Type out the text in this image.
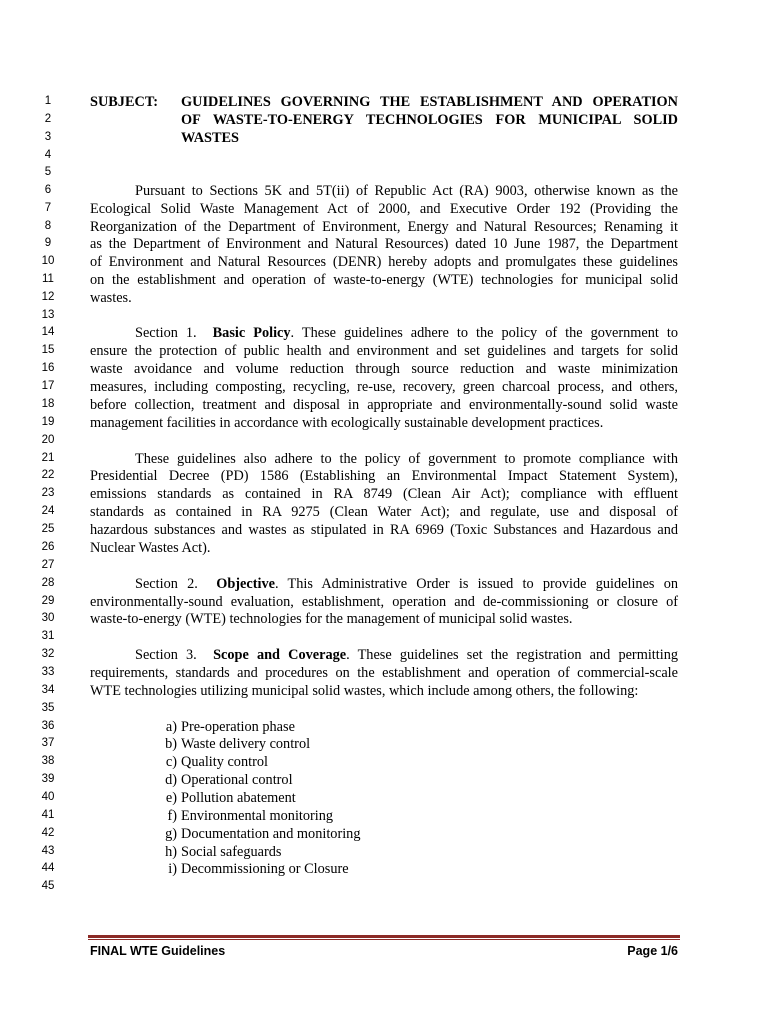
1
2
3
4
5
6
7
8
9
10
11
12
13
14
15
16
17
18
19
20
21
22
23
24
25
26
27
28
29
30
31
32
33
34
35
36
37
38
39
40
41
42
43
44
45
SUBJECT: GUIDELINES GOVERNING THE ESTABLISHMENT AND OPERATION
OF WASTE-TO-ENERGY TECHNOLOGIES FOR MUNICIPAL SOLID
WASTES
Pursuant to Sections 5K and 5T(ii) of Republic Act (RA) 9003, otherwise known as the
Ecological Solid Waste Management Act of 2000, and Executive Order 192 (Providing the
Reorganization of the Department of Environment, Energy and Natural Resources; Renaming it
as the Department of Environment and Natural Resources) dated 10 June 1987, the Department
of Environment and Natural Resources (DENR) hereby adopts and promulgates these guidelines
on the establishment and operation of waste-to-energy (WTE) technologies for municipal solid
wastes.
Section 1. Basic Policy. These guidelines adhere to the policy of the government to
ensure the protection of public health and environment and set guidelines and targets for solid
waste avoidance and volume reduction through source reduction and waste minimization
measures, including composting, recycling, re-use, recovery, green charcoal process, and others,
before collection, treatment and disposal in appropriate and environmentally-sound solid waste
management facilities in accordance with ecologically sustainable development practices.
These guidelines also adhere to the policy of government to promote compliance with
Presidential Decree (PD) 1586 (Establishing an Environmental Impact Statement System),
emissions standards as contained in RA 8749 (Clean Air Act); compliance with effluent
standards as contained in RA 9275 (Clean Water Act); and regulate, use and disposal of
hazardous substances and wastes as stipulated in RA 6969 (Toxic Substances and Hazardous and
Nuclear Wastes Act).
Section 2. Objective. This Administrative Order is issued to provide guidelines on
environmentally-sound evaluation, establishment, operation and de-commissioning or closure of
waste-to-energy (WTE) technologies for the management of municipal solid wastes.
Section 3. Scope and Coverage. These guidelines set the registration and permitting
requirements, standards and procedures on the establishment and operation of commercial-scale
WTE technologies utilizing municipal solid wastes, which include among others, the following:
a) Pre-operation phase
b) Waste delivery control
c) Quality control
d) Operational control
e) Pollution abatement
f) Environmental monitoring
g) Documentation and monitoring
h) Social safeguards
i) Decommissioning or Closure
FINAL WTE Guidelines	Page 1/6
